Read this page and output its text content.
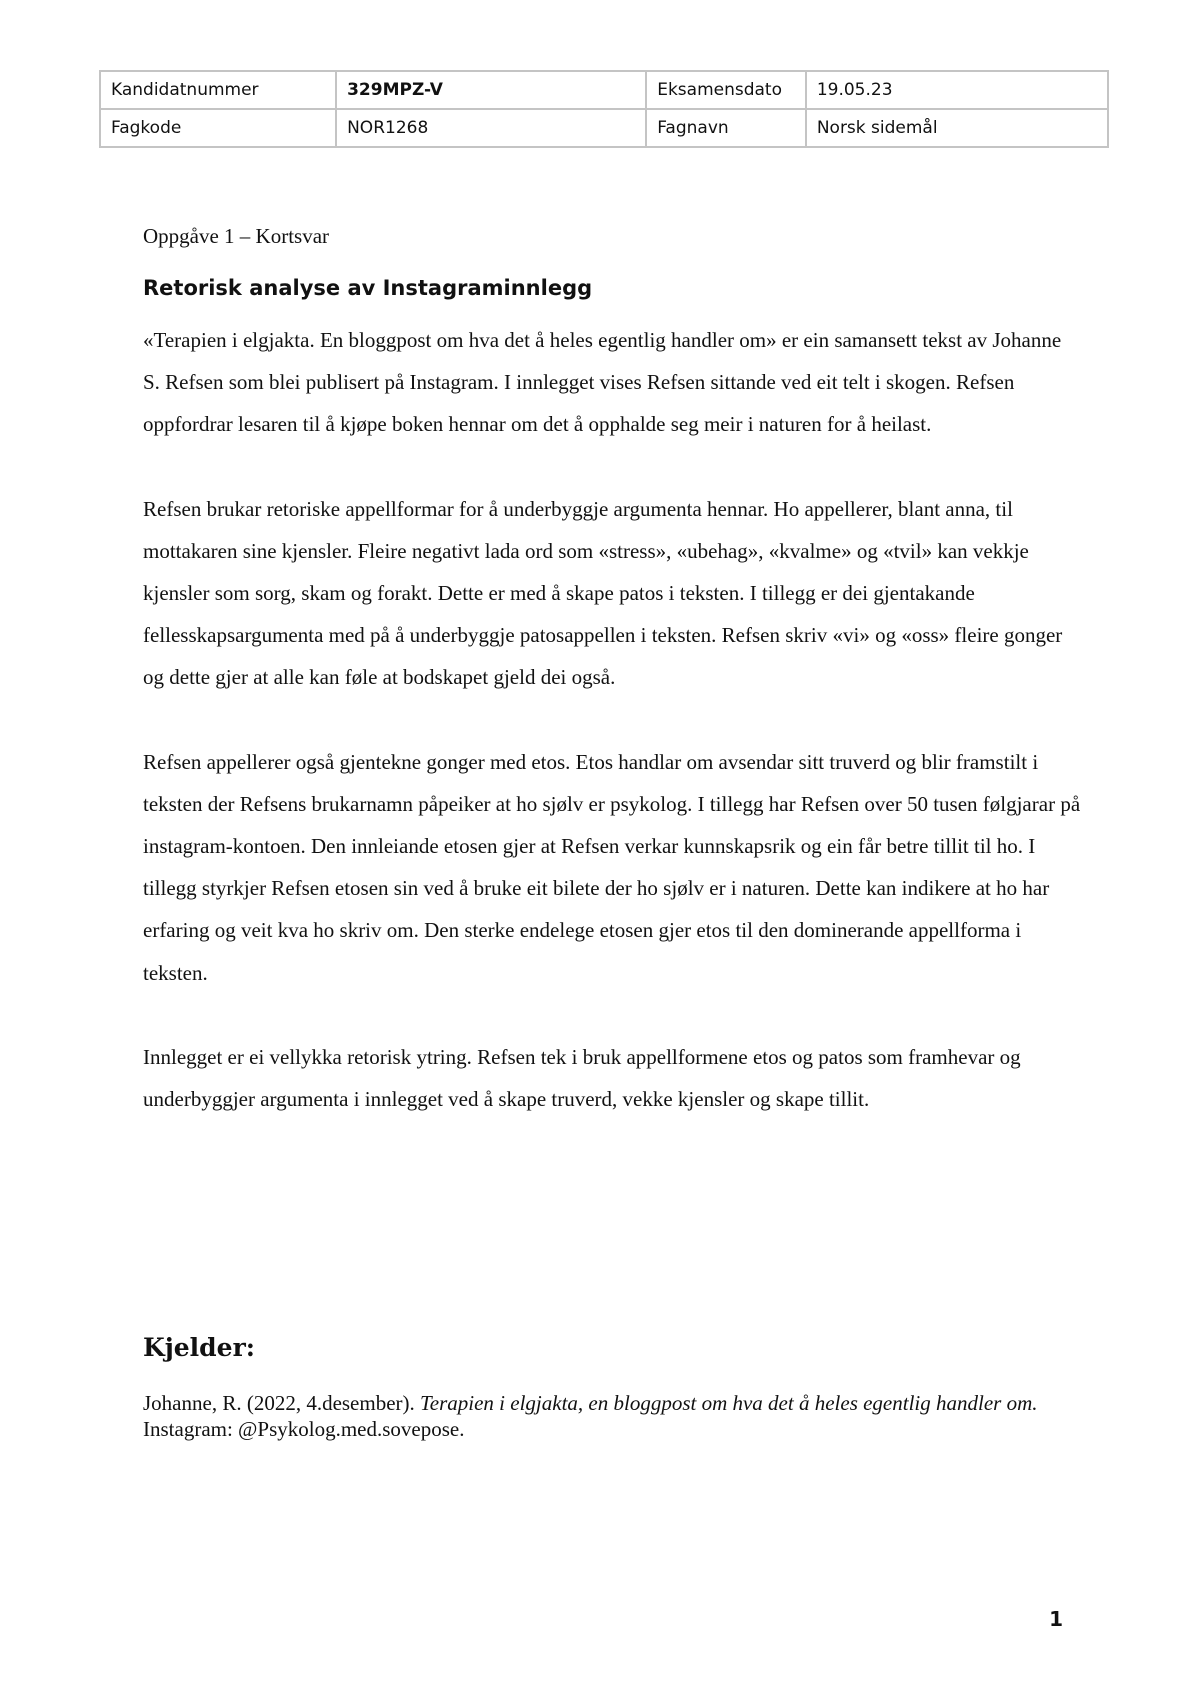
Kandidatnummer	329MPZ-V	Eksamensdato	19.05.23
Fagkode	NOR1268	Fagnavn	Norsk sidemål

Oppgåve 1 – Kortsvar

Retorisk analyse av Instagraminnlegg

«Terapien i elgjakta. En bloggpost om hva det å heles egentlig handler om» er ein samansett tekst av Johanne S. Refsen som blei publisert på Instagram. I innlegget vises Refsen sittande ved eit telt i skogen. Refsen oppfordrar lesaren til å kjøpe boken hennar om det å opphalde seg meir i naturen for å heilast.

Refsen brukar retoriske appellformar for å underbyggje argumenta hennar. Ho appellerer, blant anna, til mottakaren sine kjensler. Fleire negativt lada ord som «stress», «ubehag», «kvalme» og «tvil» kan vekkje kjensler som sorg, skam og forakt. Dette er med å skape patos i teksten. I tillegg er dei gjentakande fellesskapsargumenta med på å underbyggje patosappellen i teksten. Refsen skriv «vi» og «oss» fleire gonger og dette gjer at alle kan føle at bodskapet gjeld dei også.

Refsen appellerer også gjentekne gonger med etos. Etos handlar om avsendar sitt truverd og blir framstilt i teksten der Refsens brukarnamn påpeiker at ho sjølv er psykolog. I tillegg har Refsen over 50 tusen følgjarar på instagram-kontoen. Den innleiande etosen gjer at Refsen verkar kunnskapsrik og ein får betre tillit til ho. I tillegg styrkjer Refsen etosen sin ved å bruke eit bilete der ho sjølv er i naturen. Dette kan indikere at ho har erfaring og veit kva ho skriv om. Den sterke endelege etosen gjer etos til den dominerande appellforma i teksten.

Innlegget er ei vellykka retorisk ytring. Refsen tek i bruk appellformene etos og patos som framhevar og underbyggjer argumenta i innlegget ved å skape truverd, vekke kjensler og skape tillit.

Kjelder:

Johanne, R. (2022, 4.desember). Terapien i elgjakta, en bloggpost om hva det å heles egentlig handler om. Instagram: @Psykolog.med.sovepose.

1
